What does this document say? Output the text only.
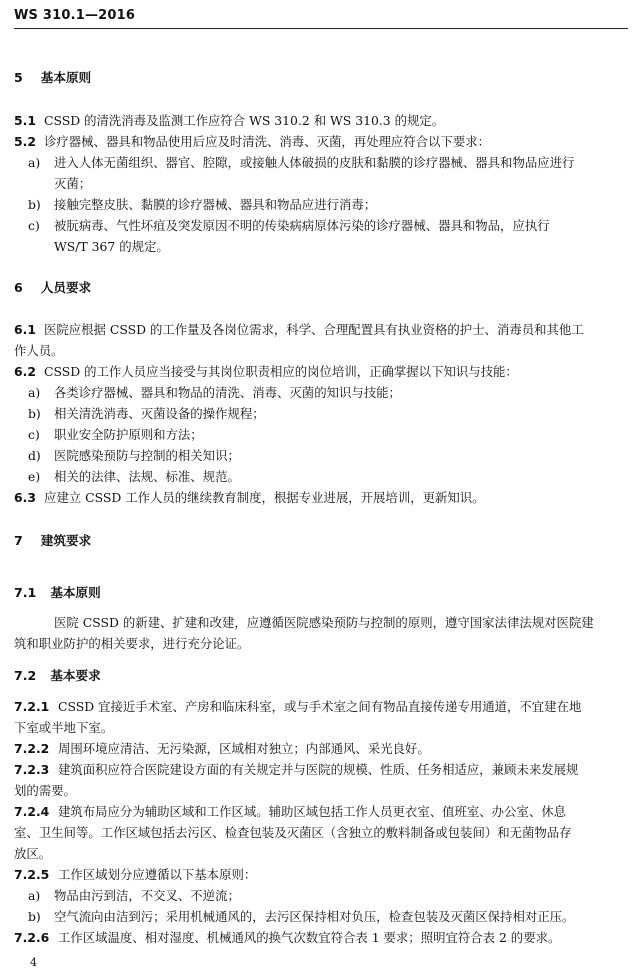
WS 310.1—2016
5 基本原则
5.1 CSSD 的清洗消毒及监测工作应符合 WS 310.2 和 WS 310.3 的规定。
5.2 诊疗器械、器具和物品使用后应及时清洗、消毒、灭菌，再处理应符合以下要求：
a) 进入人体无菌组织、器官、腔隙，或接触人体破损的皮肤和黏膜的诊疗器械、器具和物品应进行
灭菌；
b) 接触完整皮肤、黏膜的诊疗器械、器具和物品应进行消毒；
c) 被朊病毒、气性坏疽及突发原因不明的传染病病原体污染的诊疗器械、器具和物品，应执行
WS/T 367 的规定。
6 人员要求
6.1 医院应根据 CSSD 的工作量及各岗位需求，科学、合理配置具有执业资格的护士、消毒员和其他工
作人员。
6.2 CSSD 的工作人员应当接受与其岗位职责相应的岗位培训，正确掌握以下知识与技能：
a) 各类诊疗器械、器具和物品的清洗、消毒、灭菌的知识与技能；
b) 相关清洗消毒、灭菌设备的操作规程；
c) 职业安全防护原则和方法；
d) 医院感染预防与控制的相关知识；
e) 相关的法律、法规、标准、规范。
6.3 应建立 CSSD 工作人员的继续教育制度，根据专业进展，开展培训，更新知识。
7 建筑要求
7.1 基本原则
医院 CSSD 的新建、扩建和改建，应遵循医院感染预防与控制的原则，遵守国家法律法规对医院建
筑和职业防护的相关要求，进行充分论证。
7.2 基本要求
7.2.1 CSSD 宜接近手术室、产房和临床科室，或与手术室之间有物品直接传递专用通道，不宜建在地
下室或半地下室。
7.2.2 周围环境应清洁、无污染源，区域相对独立；内部通风、采光良好。
7.2.3 建筑面积应符合医院建设方面的有关规定并与医院的规模、性质、任务相适应，兼顾未来发展规
划的需要。
7.2.4 建筑布局应分为辅助区域和工作区域。辅助区域包括工作人员更衣室、值班室、办公室、休息
室、卫生间等。工作区域包括去污区、检查包装及灭菌区（含独立的敷料制备或包装间）和无菌物品存
放区。
7.2.5 工作区域划分应遵循以下基本原则：
a) 物品由污到洁，不交叉、不逆流；
b) 空气流向由洁到污；采用机械通风的，去污区保持相对负压，检查包装及灭菌区保持相对正压。
7.2.6 工作区域温度、相对湿度、机械通风的换气次数宜符合表 1 要求；照明宜符合表 2 的要求。
4
